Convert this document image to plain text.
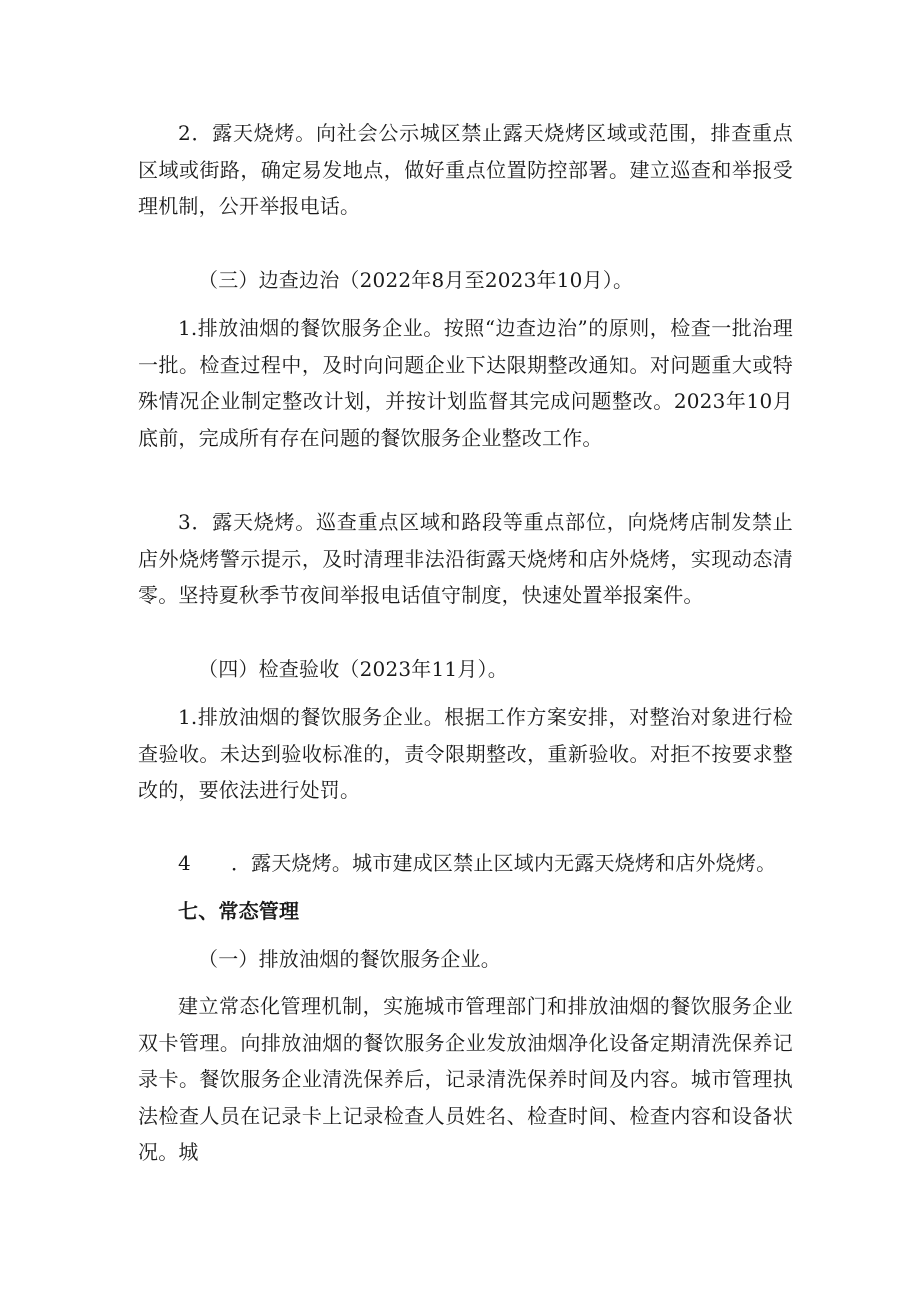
2．露天烧烤。向社会公示城区禁止露天烧烤区域或范围，排查重点区域或街路，确定易发地点，做好重点位置防控部署。建立巡查和举报受理机制，公开举报电话。

（三）边查边治（2022年8月至2023年10月）。

1.排放油烟的餐饮服务企业。按照“边查边治”的原则，检查一批治理一批。检查过程中，及时向问题企业下达限期整改通知。对问题重大或特殊情况企业制定整改计划，并按计划监督其完成问题整改。2023年10月底前，完成所有存在问题的餐饮服务企业整改工作。

3．露天烧烤。巡查重点区域和路段等重点部位，向烧烤店制发禁止店外烧烤警示提示，及时清理非法沿街露天烧烤和店外烧烤，实现动态清零。坚持夏秋季节夜间举报电话值守制度，快速处置举报案件。

（四）检查验收（2023年11月）。

1.排放油烟的餐饮服务企业。根据工作方案安排，对整治对象进行检查验收。未达到验收标准的，责令限期整改，重新验收。对拒不按要求整改的，要依法进行处罚。

4 ．露天烧烤。城市建成区禁止区域内无露天烧烤和店外烧烤。

七、常态管理

（一）排放油烟的餐饮服务企业。

建立常态化管理机制，实施城市管理部门和排放油烟的餐饮服务企业双卡管理。向排放油烟的餐饮服务企业发放油烟净化设备定期清洗保养记录卡。餐饮服务企业清洗保养后，记录清洗保养时间及内容。城市管理执法检查人员在记录卡上记录检查人员姓名、检查时间、检查内容和设备状况。城
